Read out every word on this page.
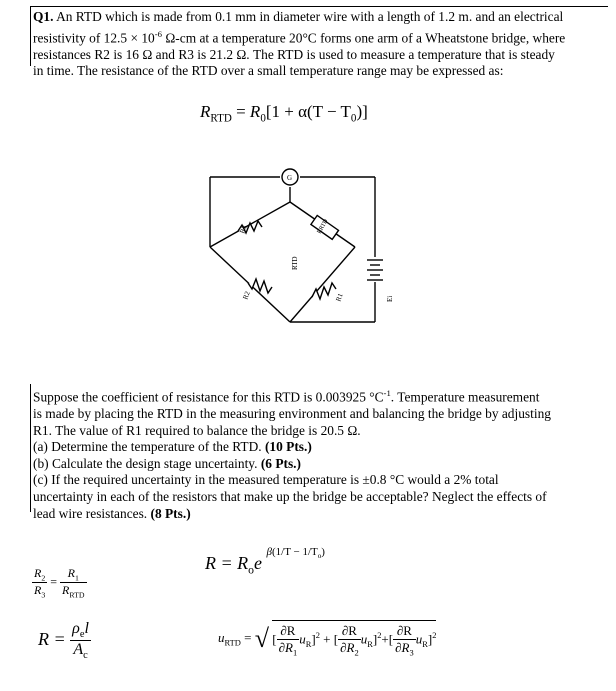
Q1. An RTD which is made from 0.1 mm in diameter wire with a length of 1.2 m. and an electrical
resistivity of $12.5 \times 10^{-6}$ Ω-cm at a temperature 20°C forms one arm of a Wheatstone bridge, where
resistances R2 is 16 Ω and R3 is 21.2 Ω. The RTD is used to measure a temperature that is steady
in time. The resistance of the RTD over a small temperature range may be expressed as:
$R_{RTD} = R_0[1 + \alpha(T - T_0)]$
G
R3
R2	R1
RRTD
RTD
Ei
Suppose the coefficient of resistance for this RTD is 0.003925 $^\circ C^{-1}$. Temperature measurement
is made by placing the RTD in the measuring environment and balancing the bridge by adjusting
R1. The value of R1 required to balance the bridge is 20.5 Ω.
(a) Determine the temperature of the RTD. (10 Pts.)
(b) Calculate the design stage uncertainty. (6 Pts.)
(c) If the required uncertainty in the measured temperature is ±0.8 °C would a 2% total
uncertainty in each of the resistors that make up the bridge be acceptable? Neglect the effects of
lead wire resistances. (8 Pts.)
$\frac{R_2}{R_3} = \frac{R_1}{R_{RTD}}$
$R = R_oe$ $^{\beta(1/T - 1/T_o)}$
$R = \frac{\rho_el}{A_c}$	$u_{RTD}$ = √ [ $\frac{\partial R}{\partial R_1} u_R]^2$ + [ $\frac{\partial R}{\partial R_2} u_R]^2+[ \frac{\partial R}{\partial R_3} u_R]^2$
